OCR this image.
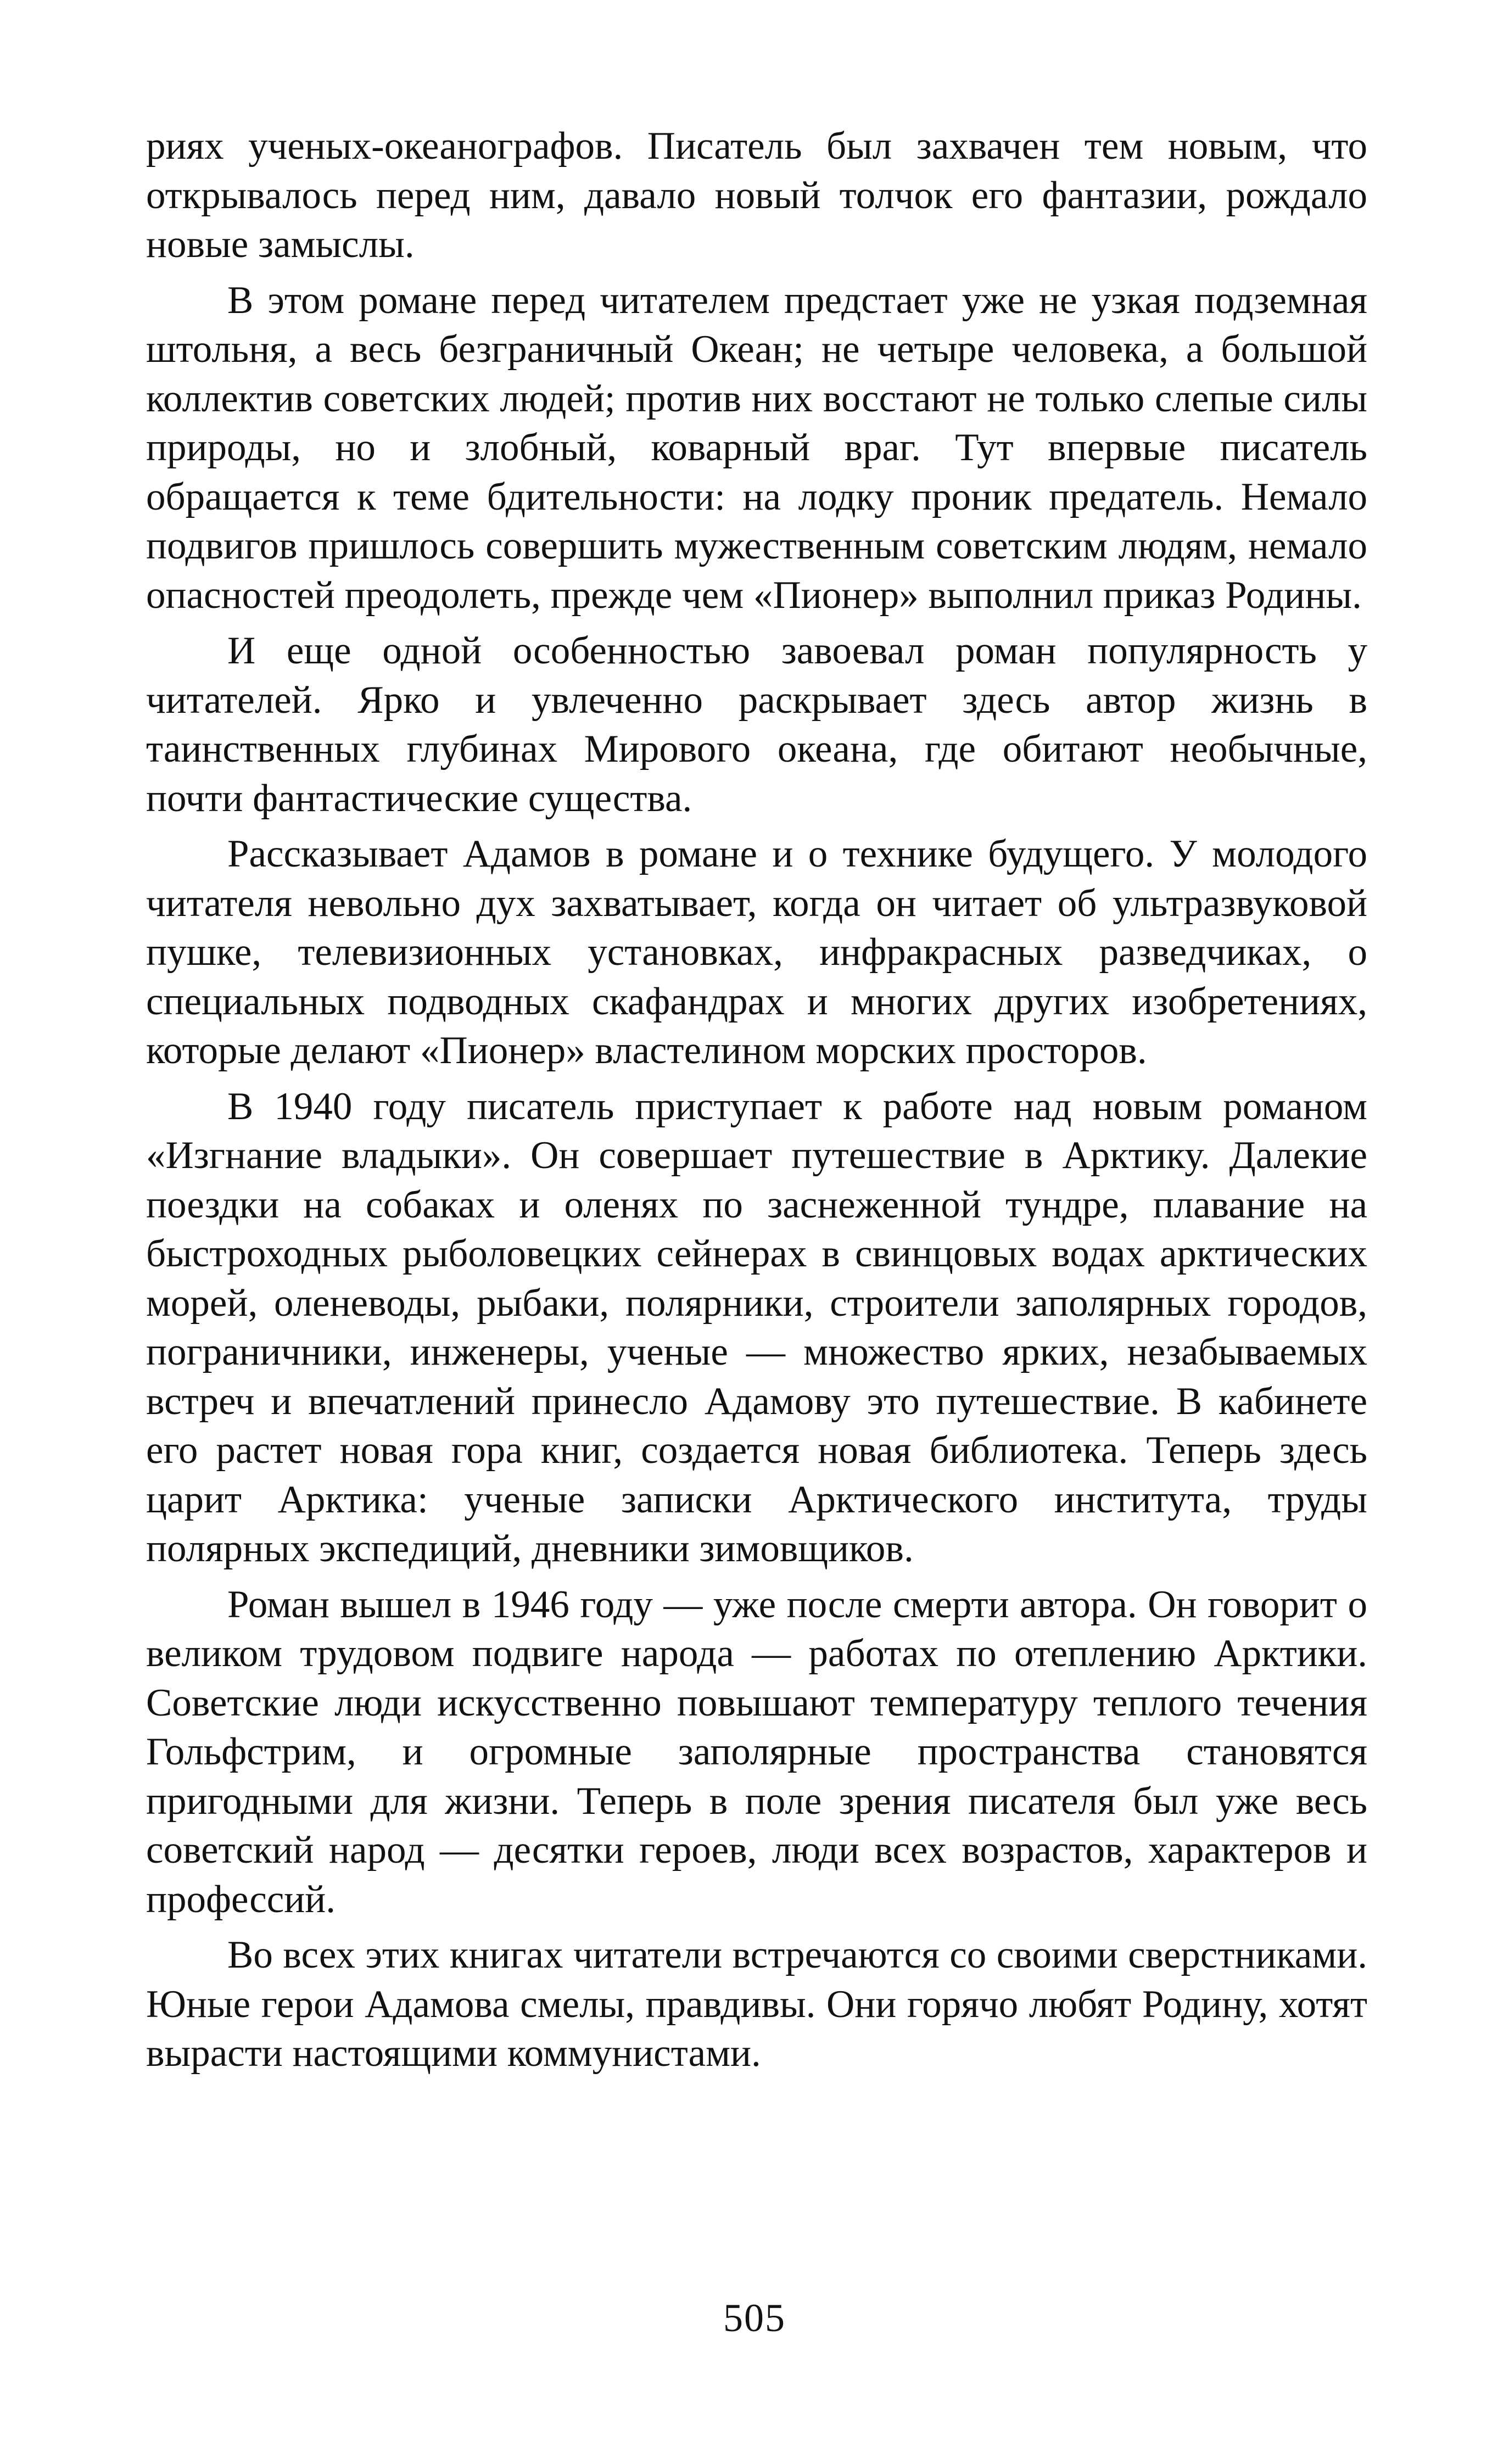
риях ученых-океанографов. Писатель был захвачен тем новым, что открывалось перед ним, давало новый толчок его фантазии, рождало новые замыслы.

В этом романе перед читателем предстает уже не узкая подземная штольня, а весь безграничный Океан; не четыре человека, а большой коллектив советских людей; против них восстают не только слепые силы природы, но и злобный, коварный враг. Тут впервые писатель обращается к теме бдительности: на лодку проник предатель. Немало подвигов пришлось совершить мужественным советским людям, немало опасностей преодолеть, прежде чем «Пионер» выполнил приказ Родины.

И еще одной особенностью завоевал роман популярность у читателей. Ярко и увлеченно раскрывает здесь автор жизнь в таинственных глубинах Мирового океана, где обитают необычные, почти фантастические существа.

Рассказывает Адамов в романе и о технике будущего. У молодого читателя невольно дух захватывает, когда он читает об ультразвуковой пушке, телевизионных установках, инфракрасных разведчиках, о специальных подводных скафандрах и многих других изобретениях, которые делают «Пионер» властелином морских просторов.

В 1940 году писатель приступает к работе над новым романом «Изгнание владыки». Он совершает путешествие в Арктику. Далекие поездки на собаках и оленях по заснеженной тундре, плавание на быстроходных рыболовецких сейнерах в свинцовых водах арктических морей, оленеводы, рыбаки, полярники, строители заполярных городов, пограничники, инженеры, ученые — множество ярких, незабываемых встреч и впечатлений принесло Адамову это путешествие. В кабинете его растет новая гора книг, создается новая библиотека. Теперь здесь царит Арктика: ученые записки Арктического института, труды полярных экспедиций, дневники зимовщиков.

Роман вышел в 1946 году — уже после смерти автора. Он говорит о великом трудовом подвиге народа — работах по отеплению Арктики. Советские люди искусственно повышают температуру теплого течения Гольфстрим, и огромные заполярные пространства становятся пригодными для жизни. Теперь в поле зрения писателя был уже весь советский народ — десятки героев, люди всех возрастов, характеров и профессий.

Во всех этих книгах читатели встречаются со своими сверстниками. Юные герои Адамова смелы, правдивы. Они горячо любят Родину, хотят вырасти настоящими коммунистами.

505
